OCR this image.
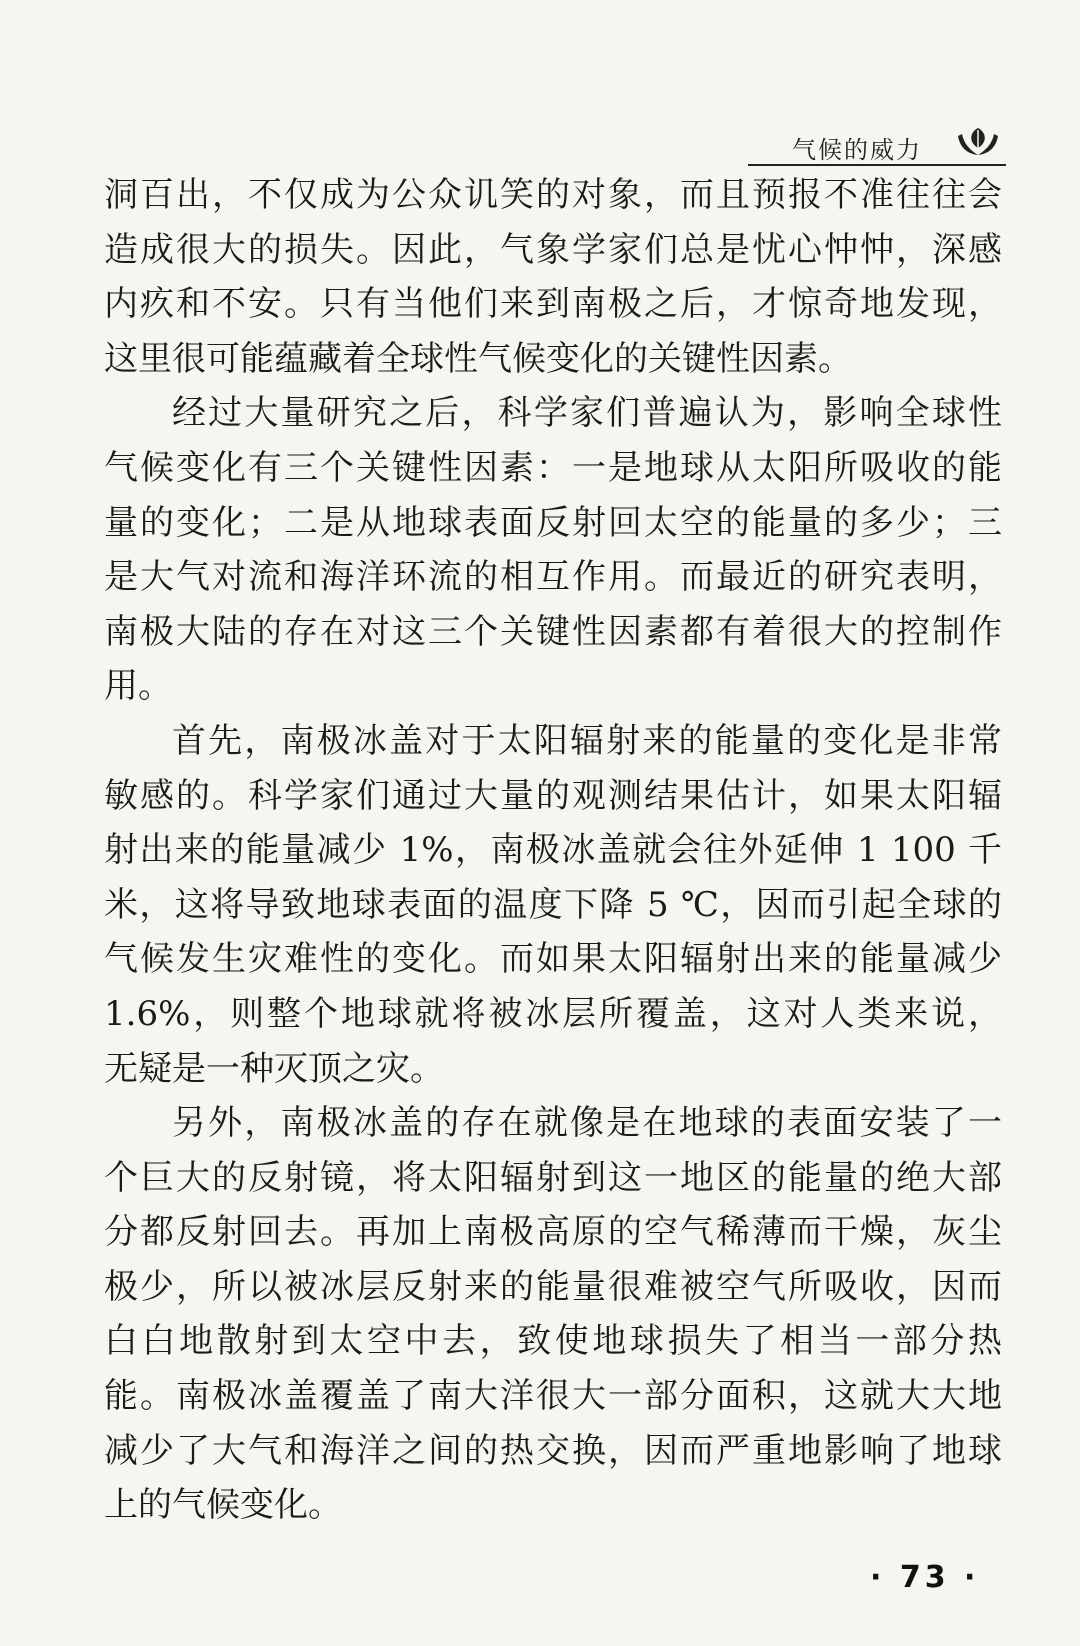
气候的威力
洞百出，不仅成为公众讥笑的对象，而且预报不准往往会
造成很大的损失。因此，气象学家们总是忧心忡忡，深感
内疚和不安。只有当他们来到南极之后，才惊奇地发现，
这里很可能蕴藏着全球性气候变化的关键性因素。
经过大量研究之后，科学家们普遍认为，影响全球性
气候变化有三个关键性因素：一是地球从太阳所吸收的能
量的变化；二是从地球表面反射回太空的能量的多少；三
是大气对流和海洋环流的相互作用。而最近的研究表明，
南极大陆的存在对这三个关键性因素都有着很大的控制作
用。
首先，南极冰盖对于太阳辐射来的能量的变化是非常
敏感的。科学家们通过大量的观测结果估计，如果太阳辐
射出来的能量减少 1%，南极冰盖就会往外延伸 1 100 千
米，这将导致地球表面的温度下降 5 ℃，因而引起全球的
气候发生灾难性的变化。而如果太阳辐射出来的能量减少
1.6%，则整个地球就将被冰层所覆盖，这对人类来说，
无疑是一种灭顶之灾。
另外，南极冰盖的存在就像是在地球的表面安装了一
个巨大的反射镜，将太阳辐射到这一地区的能量的绝大部
分都反射回去。再加上南极高原的空气稀薄而干燥，灰尘
极少，所以被冰层反射来的能量很难被空气所吸收，因而
白白地散射到太空中去，致使地球损失了相当一部分热
能。南极冰盖覆盖了南大洋很大一部分面积，这就大大地
减少了大气和海洋之间的热交换，因而严重地影响了地球
上的气候变化。
· 73 ·
